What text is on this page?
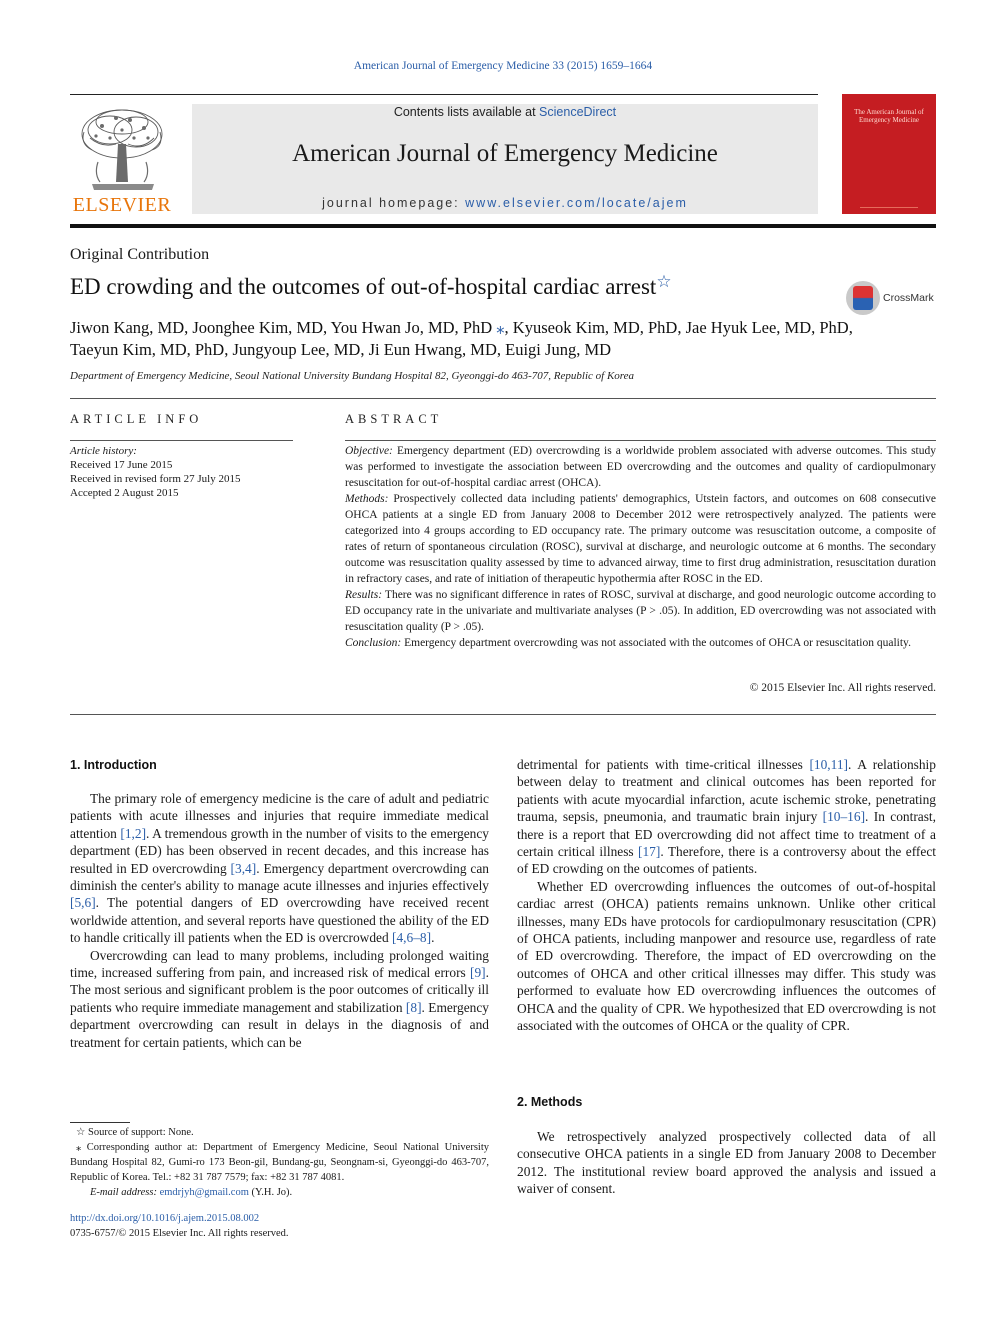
American Journal of Emergency Medicine 33 (2015) 1659–1664
ELSEVIER
Contents lists available at ScienceDirect
American Journal of Emergency Medicine
journal homepage: www.elsevier.com/locate/ajem
The American Journal of Emergency Medicine
Original Contribution
ED crowding and the outcomes of out-of-hospital cardiac arrest☆
CrossMark
Jiwon Kang, MD, Joonghee Kim, MD, You Hwan Jo, MD, PhD ⁎, Kyuseok Kim, MD, PhD, Jae Hyuk Lee, MD, PhD,
Taeyun Kim, MD, PhD, Jungyoup Lee, MD, Ji Eun Hwang, MD, Euigi Jung, MD
Department of Emergency Medicine, Seoul National University Bundang Hospital 82, Gyeonggi-do 463-707, Republic of Korea
ARTICLE INFO	ABSTRACT
Article history:
Received 17 June 2015
Received in revised form 27 July 2015
Accepted 2 August 2015
Objective: Emergency department (ED) overcrowding is a worldwide problem associated with adverse outcomes. This study was performed to investigate the association between ED overcrowding and the outcomes and quality of cardiopulmonary resuscitation for out-of-hospital cardiac arrest (OHCA).
Methods: Prospectively collected data including patients' demographics, Utstein factors, and outcomes on 608 consecutive OHCA patients at a single ED from January 2008 to December 2012 were retrospectively analyzed. The patients were categorized into 4 groups according to ED occupancy rate. The primary outcome was resuscitation outcome, a composite of rates of return of spontaneous circulation (ROSC), survival at discharge, and neurologic outcome at 6 months. The secondary outcome was resuscitation quality assessed by time to advanced airway, time to first drug administration, resuscitation duration in refractory cases, and rate of initiation of therapeutic hypothermia after ROSC in the ED.
Results: There was no significant difference in rates of ROSC, survival at discharge, and good neurologic outcome according to ED occupancy rate in the univariate and multivariate analyses (P > .05). In addition, ED overcrowding was not associated with resuscitation quality (P > .05).
Conclusion: Emergency department overcrowding was not associated with the outcomes of OHCA or resuscitation quality.
© 2015 Elsevier Inc. All rights reserved.
1. Introduction

The primary role of emergency medicine is the care of adult and pediatric patients with acute illnesses and injuries that require immediate medical attention [1,2]. A tremendous growth in the number of visits to the emergency department (ED) has been observed in recent decades, and this increase has resulted in ED overcrowding [3,4]. Emergency department overcrowding can diminish the center's ability to manage acute illnesses and injuries effectively [5,6]. The potential dangers of ED overcrowding have received recent worldwide attention, and several reports have questioned the ability of the ED to handle critically ill patients when the ED is overcrowded [4,6–8].

Overcrowding can lead to many problems, including prolonged waiting time, increased suffering from pain, and increased risk of medical errors [9]. The most serious and significant problem is the poor outcomes of critically ill patients who require immediate management and stabilization [8]. Emergency department overcrowding can result in delays in the diagnosis of and treatment for certain patients, which can be

☆ Source of support: None.
⁎ Corresponding author at: Department of Emergency Medicine, Seoul National University Bundang Hospital 82, Gumi-ro 173 Beon-gil, Bundang-gu, Seongnam-si, Gyeonggi-do 463-707, Republic of Korea. Tel.: +82 31 787 7579; fax: +82 31 787 4081.
E-mail address: emdrjyh@gmail.com (Y.H. Jo).
http://dx.doi.org/10.1016/j.ajem.2015.08.002
0735-6757/© 2015 Elsevier Inc. All rights reserved.

detrimental for patients with time-critical illnesses [10,11]. A relationship between delay to treatment and clinical outcomes has been reported for patients with acute myocardial infarction, acute ischemic stroke, penetrating trauma, sepsis, pneumonia, and traumatic brain injury [10–16]. In contrast, there is a report that ED overcrowding did not affect time to treatment of a certain critical illness [17]. Therefore, there is a controversy about the effect of ED crowding on the outcomes of patients.

Whether ED overcrowding influences the outcomes of out-of-hospital cardiac arrest (OHCA) patients remains unknown. Unlike other critical illnesses, many EDs have protocols for cardiopulmonary resuscitation (CPR) of OHCA patients, including manpower and resource use, regardless of rate of ED overcrowding. Therefore, the impact of ED overcrowding on the outcomes of OHCA and other critical illnesses may differ. This study was performed to evaluate how ED overcrowding influences the outcomes of OHCA and the quality of CPR. We hypothesized that ED overcrowding is not associated with the outcomes of OHCA or the quality of CPR.

2. Methods

We retrospectively analyzed prospectively collected data of all consecutive OHCA patients in a single ED from January 2008 to December 2012. The institutional review board approved the analysis and issued a waiver of consent.
